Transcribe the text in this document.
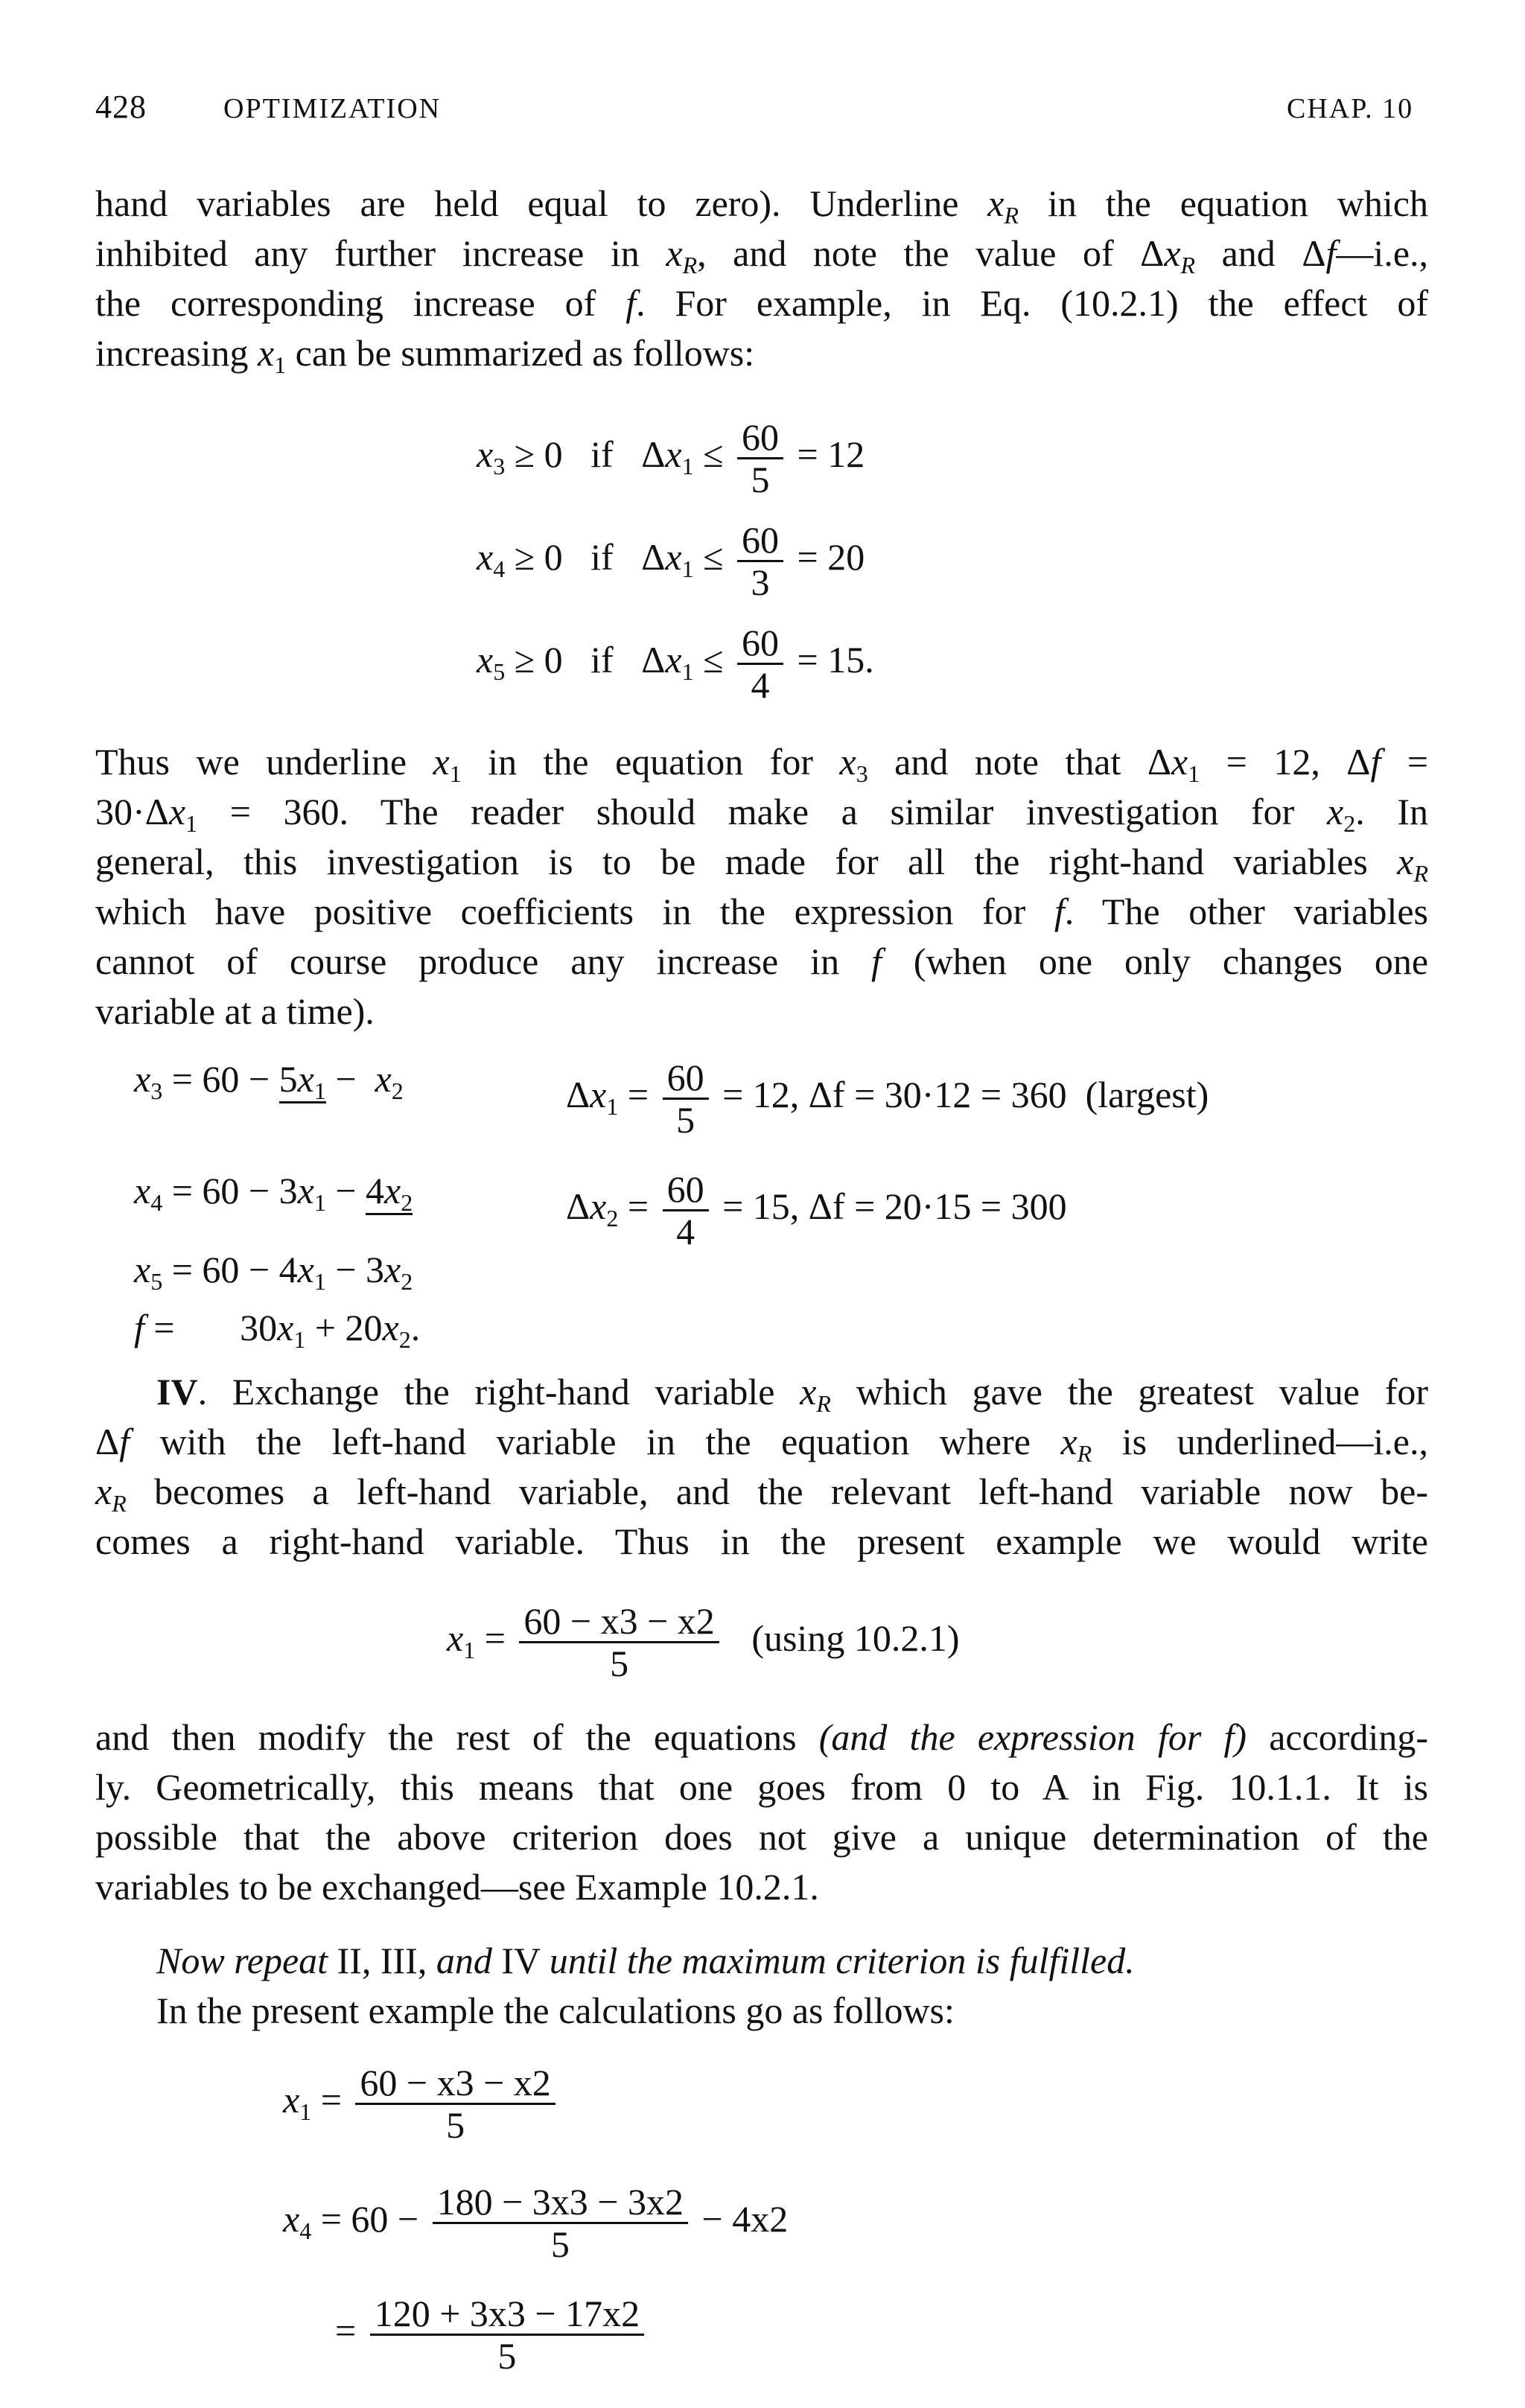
428	OPTIMIZATION	CHAP. 10
hand variables are held equal to zero). Underline $x_R$ in the equation which
inhibited any further increase in $x_R$, and note the value of $\Delta x_R$ and Δf—i.e.,
the corresponding increase of f. For example, in Eq. (10.2.1) the effect of
increasing $x_1$ can be summarized as follows:
$x_3 \ge 0$   if   $\Delta x_1 \le \frac{60}{5} = 12$
$x_4 \ge 0$   if   $\Delta x_1 \le \frac{60}{3} = 20$
$x_5 \ge 0$   if   $\Delta x_1 \le \frac{60}{4} = 15$.
Thus we underline $x_1$ in the equation for $x_3$ and note that $\Delta x_1 = 12$, Δf =
$30\cdot\Delta x_1 = 360$. The reader should make a similar investigation for $x_2$. In
general, this investigation is to be made for all the right-hand variables $x_R$
which have positive coefficients in the expression for f. The other variables
cannot of course produce any increase in f (when one only changes one
variable at a time).
$x_3 = 60 - 5x_1 - x_2$	$\Delta x_1 = \frac{60}{5} = 12$, Δf = 30·12 = 360 (largest)
$x_4 = 60 - 3x_1 - 4x_2$	$\Delta x_2 = \frac{60}{4} = 15$, Δf = 20·15 = 300
$x_5 = 60 - 4x_1 - 3x_2$
f =       $30x_1 + 20x_2$.
IV. Exchange the right-hand variable $x_R$ which gave the greatest value for
Δf with the left-hand variable in the equation where $x_R$ is underlined—i.e.,
$x_R$ becomes a left-hand variable, and the relevant left-hand variable now be-
comes a right-hand variable. Thus in the present example we would write
$x_1 = \frac{60 - x3 - x2}{5} (using$ 10.2.1)
and then modify the rest of the equations (and the expression for f) according-
ly. Geometrically, this means that one goes from 0 to A in Fig. 10.1.1. It is
possible that the above criterion does not give a unique determination of the
variables to be exchanged—see Example 10.2.1.
Now repeat II, III, and IV until the maximum criterion is fulfilled.
In the present example the calculations go as follows:
$x_1 = \frac{60 - x3 - x2}{5}$
$x_4 = 60 - \frac{180 - 3x3 - 3x2}{5} - 4x2$
= $\frac{120 + 3x3 - 17x2}{5}$
